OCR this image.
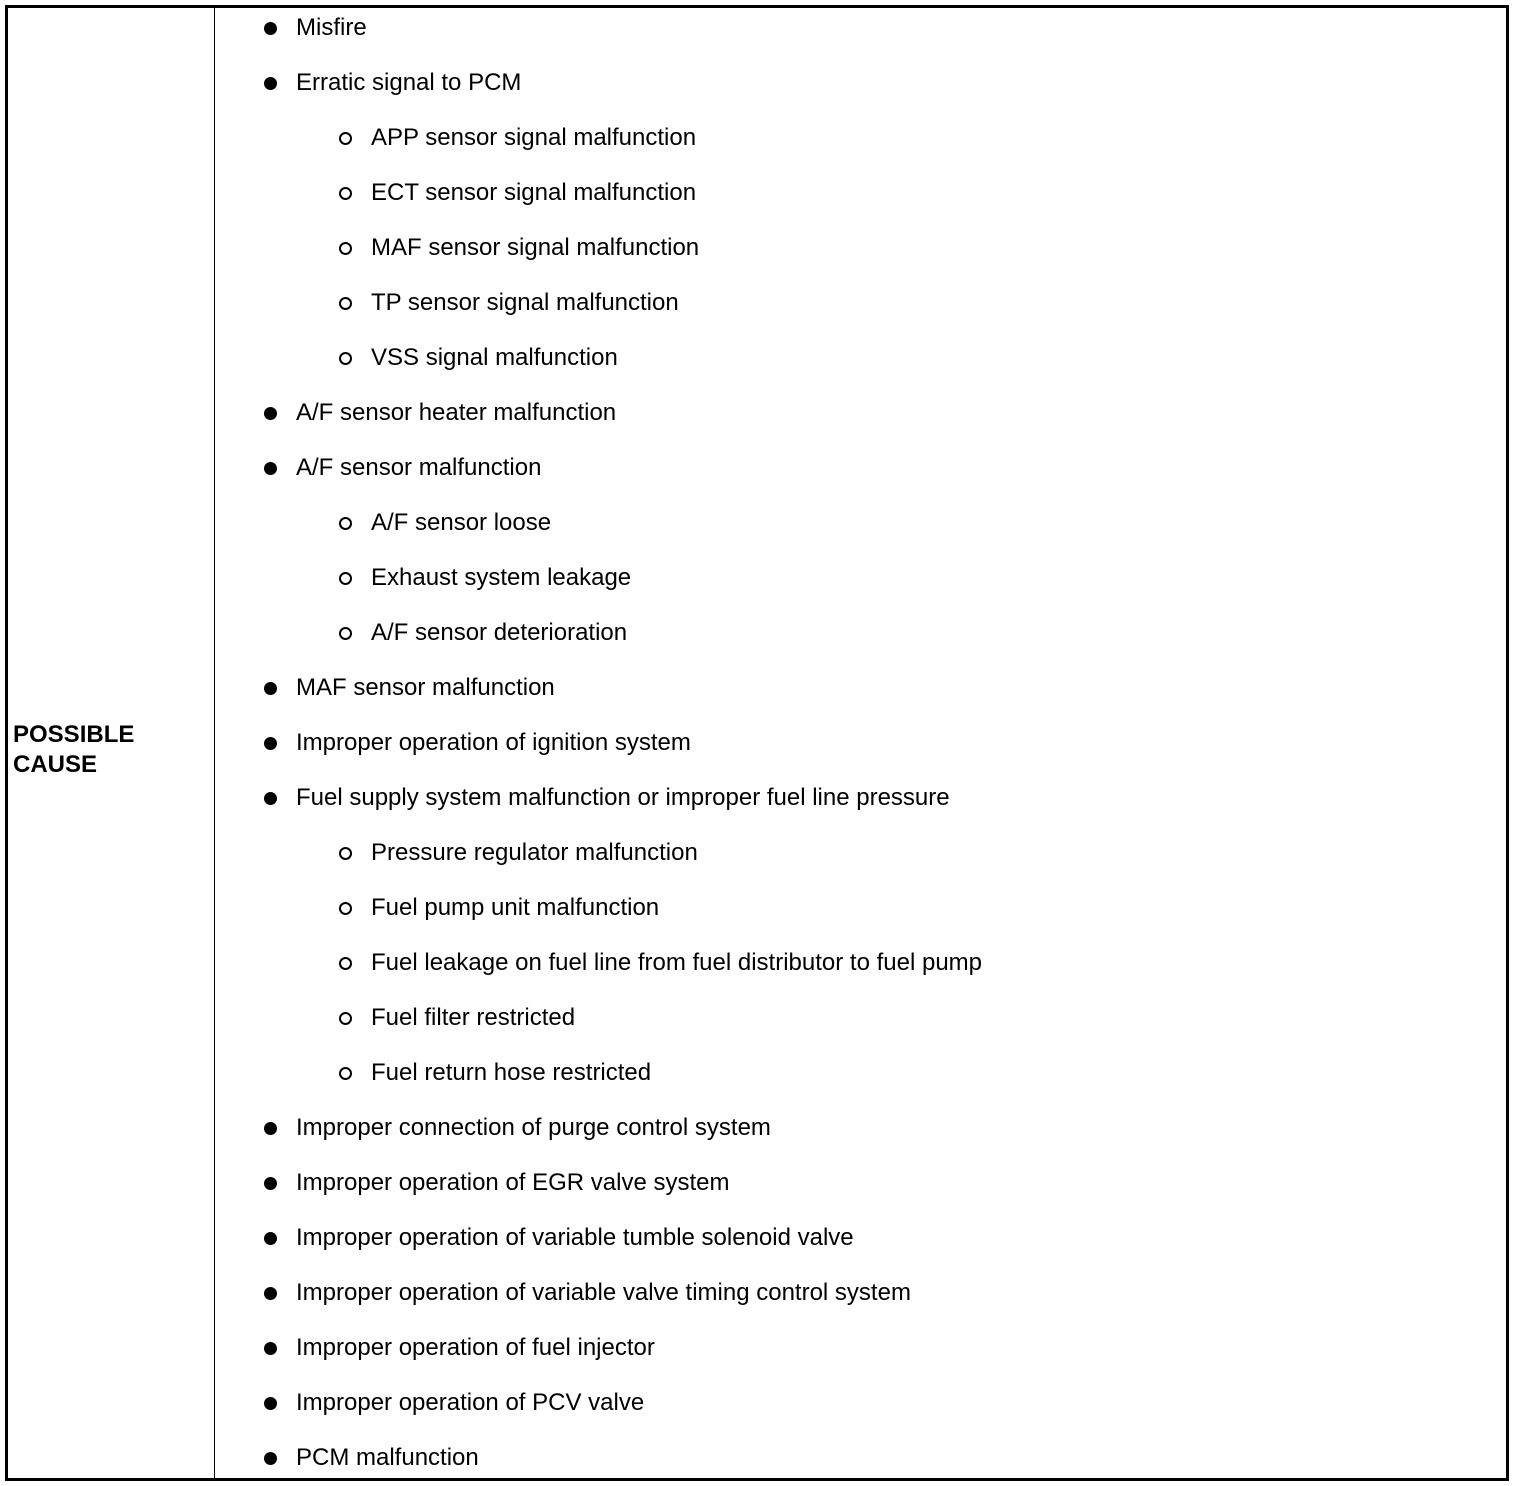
POSSIBLE
CAUSE
Misfire
Erratic signal to PCM
APP sensor signal malfunction
ECT sensor signal malfunction
MAF sensor signal malfunction
TP sensor signal malfunction
VSS signal malfunction
A/F sensor heater malfunction
A/F sensor malfunction
A/F sensor loose
Exhaust system leakage
A/F sensor deterioration
MAF sensor malfunction
Improper operation of ignition system
Fuel supply system malfunction or improper fuel line pressure
Pressure regulator malfunction
Fuel pump unit malfunction
Fuel leakage on fuel line from fuel distributor to fuel pump
Fuel filter restricted
Fuel return hose restricted
Improper connection of purge control system
Improper operation of EGR valve system
Improper operation of variable tumble solenoid valve
Improper operation of variable valve timing control system
Improper operation of fuel injector
Improper operation of PCV valve
PCM malfunction
